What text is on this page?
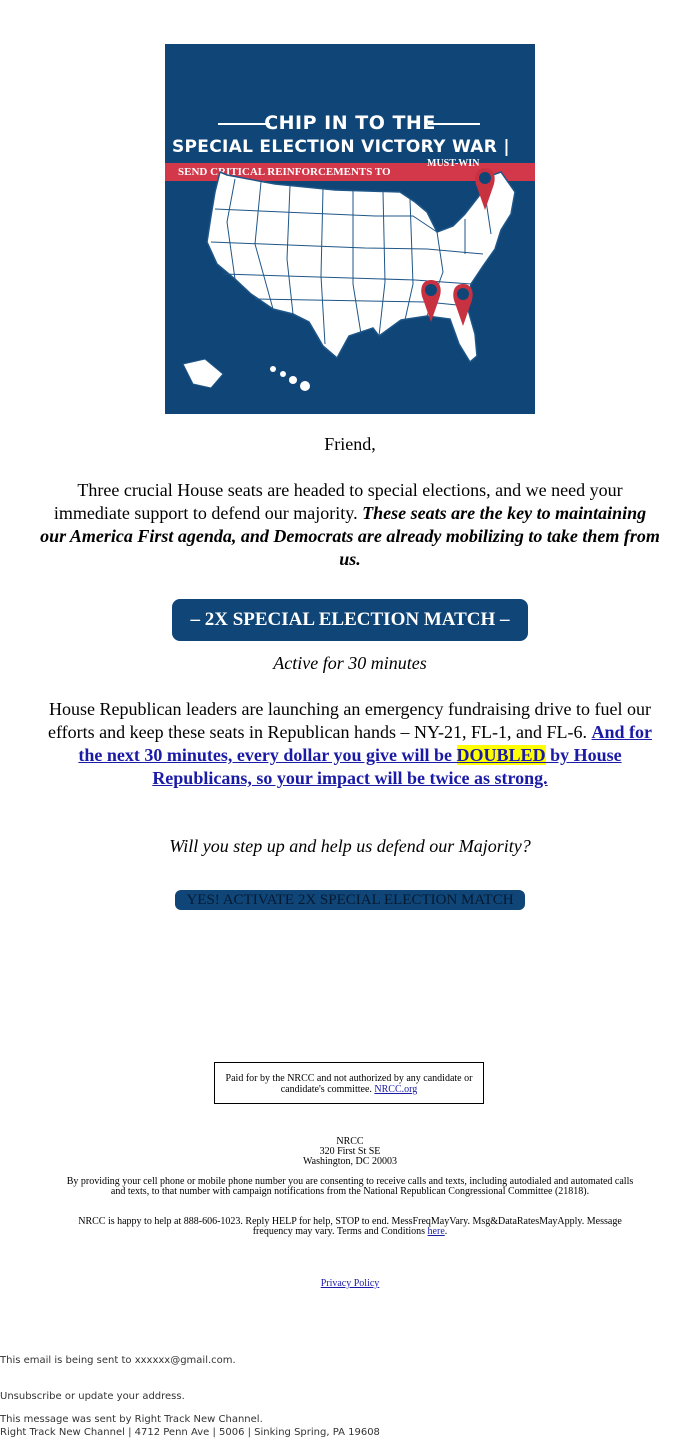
CHIP IN TO THE
SPECIAL ELECTION VICTORY WAR |
SEND CRITICAL REINFORCEMENTS TO
MUST-WIN
Friend,
Three crucial House seats are headed to special elections, and we need your immediate support to defend our majority. These seats are the key to maintaining our America First agenda, and Democrats are already mobilizing to take them from us.
– 2X SPECIAL ELECTION MATCH –
Active for 30 minutes
House Republican leaders are launching an emergency fundraising drive to fuel our efforts and keep these seats in Republican hands – NY-21, FL-1, and FL-6. And for the next 30 minutes, every dollar you give will be DOUBLED by House Republicans, so your impact will be twice as strong.
Will you step up and help us defend our Majority?
YES! ACTIVATE 2X SPECIAL ELECTION MATCH
Paid for by the NRCC and not authorized by any candidate or candidate's committee. NRCC.org
NRCC
320 First St SE
Washington, DC 20003
By providing your cell phone or mobile phone number you are consenting to receive calls and texts, including autodialed and automated calls and texts, to that number with campaign notifications from the National Republican Congressional Committee (21818).
NRCC is happy to help at 888-606-1023. Reply HELP for help, STOP to end. MessFreqMayVary. Msg&DataRatesMayApply. Message frequency may vary. Terms and Conditions here.
Privacy Policy
This email is being sent to xxxxxx@gmail.com.
Unsubscribe or update your address.
This message was sent by Right Track New Channel.
Right Track New Channel | 4712 Penn Ave | 5006 | Sinking Spring, PA 19608
